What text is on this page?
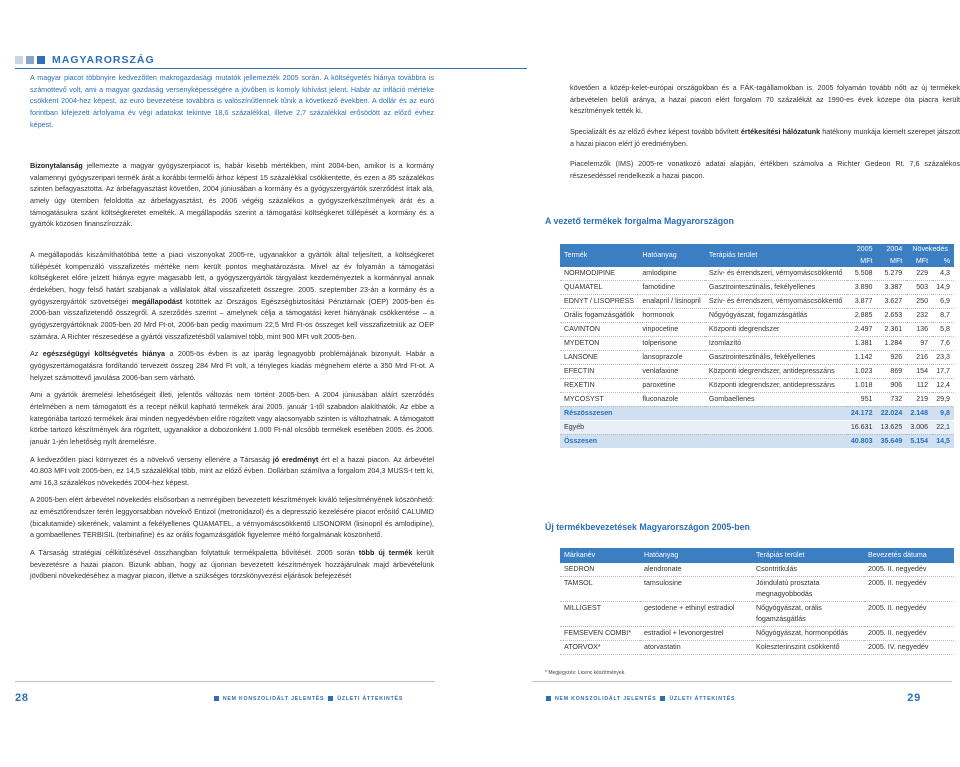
MAGYARORSZÁG

A magyar piacot többnyire kedvezőtlen makrogazdasági mutatók jellemezték 2005 során. A költségvetés hiánya továbbra is számottevő volt, ami a magyar gazdaság versenyképességére a jövőben is komoly kihívást jelent. Habár az infláció mértéke csökkent 2004-hez képest, az euró bevezetése továbbra is valószínűtlennek tűnik a következő években. A dollár és az euró forintban kifejezett árfolyama év végi adatokat tekintve 18,6 százalékkal, illetve 2,7 százalékkal erősödött az előző évhez képest.

Bizonytalanság jellemezte a magyar gyógyszerpiacot is, habár kisebb mértékben, mint 2004-ben, amikor is a kormány valamennyi gyógyszeripari termék árát a korábbi termelői árhoz képest 15 százalékkal csökkentette, és ezen a 85 százalékos szinten befagyasztotta. Az árbefagyasztást követően, 2004 júniusában a kormány és a gyógyszergyártók szerződést írtak alá, amely úgy ütemben feloldotta az árbefagyasztást, és 2006 végéig százalékos a gyógyszerkészítmények árát és a támogatásukra szánt költségkeretet emelték. A megállapodás szerint a támogatási költségkeret túllépését a kormány és a gyártók közösen finanszírozzák.

A megállapodás kiszámíthatóbbá tette a piaci viszonyokat 2005-re, ugyanakkor a gyártók által teljesített, a költségkeret túllépését kompenzáló visszafizetés mértéke nem került pontos meghatározásra. Mivel az év folyamán a támogatási költségkeret előre jelzett hiánya egyre magasabb lett, a gyógyszergyártók tárgyalást kezdeményeztek a kormánnyal annak érdekében, hogy felső határt szabjanak a vállalatok által visszafizetett összegre. 2005. szeptember 23-án a kormány és a gyógyszergyártók szövetségei megállapodást kötöttek az Országos Egészségbiztosítási Pénztárnak (OEP) 2005-ben és 2006-ban visszafizetendő összegről. A szerződés szerint – amelynek célja a támogatási keret hiányának csökkentése – a gyógyszergyártóknak 2005-ben 20 Mrd Ft-ot, 2006-ban pedig maximum 22,5 Mrd Ft-os összeget kell visszafizetniük az OEP számára. A Richter részesedése a gyártói visszafizetésből valamivel több, mint 900 MFt volt 2005-ben.

Az egészségügyi költségvetés hiánya a 2005-ös évben is az iparág legnagyobb problémájának bizonyult. Habár a gyógyszertámogatásra fordítandó tervezett összeg 284 Mrd Ft volt, a tényleges kiadás mégnehem elérte a 350 Mrd Ft-ot. A helyzet számottevő javulása 2006-ban sem várható.

Ami a gyártók áremelési lehetőségeit illeti, jelentős változás nem történt 2005-ben. A 2004 júniusában aláírt szerződés értelmében a nem támogatott és a recept nélkül kapható termékek árai 2005. január 1-től szabadon alakíthatók. Az ebbe a kategóriába tartozó termékek árai minden negyedévben előre rögzített vagy alacsonyabb szinten is változhatnak. A támogatott körbe tartozó készítmények ára rögzített, ugyanakkor a dobozonként 1.000 Ft-nál olcsóbb termékek esetében 2005. és 2006. január 1-jén lehetőség nyílt áremelésre.

A kedvezőtlen piaci környezet és a növekvő verseny ellenére a Társaság jó eredményt ért el a hazai piacon. Az árbevétel 40.803 MFt volt 2005-ben, ez 14,5 százalékkal több, mint az előző évben. Dollárban számítva a forgalom 204,3 MUSS-t tett ki, ami 16,3 százalékos növekedés 2004-hez képest.

A 2005-ben elért árbevétel növekedés elsősorban a nemrégiben bevezetett készítmények kiváló teljesítményének köszönhető: az emésztőrendszer terén leggyorsabban növekvő Entizol (metronidazol) és a depresszió kezelésére piacot erősítő CALUMID (bicalutamide) sikerének, valamint a fekélyellenes QUAMATEL, a vérnyomáscsökkentő LISONORM (lisinopril és amlodipine), a gombaellenes TERBISIL (terbinafine) és az orális fogamzásgátlók figyelemre méltó forgalmának köszönhető.

A Társaság stratégiai célkitűzésével összhangban folytattuk termékpaletta bővítését. 2005 során több új termék került bevezetésre a hazai piacon. Bizunk abban, hogy az újonnan bevezetett készítmények hozzájárulnak majd árbevételünk jövőbeni növekedéséhez a magyar piacon, illetve a szükséges törzskönyvezési eljárások befejezését

követően a közép-kelet-európai országokban és a FÁK-tagállamokban is. 2005 folyamán tovább nőtt az új termékek árbevételen belüli aránya, a hazai piacon elért forgalom 70 százalékát az 1990-es évek közepe óta piacra került készítmények tették ki.

Specializált és az előző évhez képest tovább bővített értékesítési hálózatunk hatékony munkája kiemelt szerepet játszott a hazai piacon elért jó eredményben.

Piacelemzők (IMS) 2005-re vonatkozó adatai alapján, értékben számolva a Richter Gedeon Rt. 7,6 százalékos részesedéssel rendelkezik a hazai piacon.

A vezető termékek forgalma Magyarországon
Termék	Hatóanyag	Terápiás terület	2005	2004	Növekedés	
			MFt	MFt	MFt	%
NORMODIPINE	amlodipine	Szív- és érrendszeri, vérnyomáscsökkentő	5.508	5.279	229	4,3
QUAMATEL	famotidine	Gasztrointesztinális, fekélyellenes	3.890	3.387	503	14,9
EDNYT / LISOPRESS	enalapril / lisinopril	Szív- és érrendszeri, vérnyomáscsökkentő	3.877	3.627	250	6,9
Orális fogamzásgátlók	hormonok	Nőgyógyászat, fogamzásgátlás	2.885	2.653	232	8,7
CAVINTON	vinpocetine	Központi idegrendszer	2.497	2.361	136	5,8
MYDETON	tolperisone	Izomlazító	1.381	1.284	97	7,6
LANSONE	lansoprazole	Gasztrointesztinális, fekélyellenes	1.142	926	216	23,3
EFECTIN	venlafaxine	Központi idegrendszer, antidepresszáns	1.023	869	154	17,7
REXETIN	paroxetine	Központi idegrendszer, antidepresszáns	1.018	906	112	12,4
MYCOSYST	fluconazole	Gombaellenes	951	732	219	29,9
Részösszesen			24.172	22.024	2.148	9,8
Egyéb			16.631	13.625	3.006	22,1
Összesen			40.803	35.649	5.154	14,5
Új termékbevezetések Magyarországon 2005-ben
Márkanév	Hatóanyag	Terápiás terület	Bevezetés dátuma
SEDRON	alendronate	Csontritkulás	2005. II. negyedév
TAMSOL	tamsulosine	Jóindulatú prosztata megnagyobbodás	2005. II. negyedév
MILLIGEST	gestodene + ethinyl estradiol	Nőgyógyászat, orális fogamzásgátlás	2005. II. negyedév
FEMSEVEN COMBI*	estradiol + levonorgestrel	Nőgyógyászat, hormonpótlás	2005. II. negyedév
ATORVOX*	atorvastatin	Koleszterinszint csökkentő	2005. IV. negyedév
* Megjegyzés: Licenc készítmények.
28	NEM KONSZOLIDÁLT JELENTÉS	ÜZLETI ÁTTEKINTÉS	NEM KONSZOLIDÁLT JELENTÉS	ÜZLETI ÁTTEKINTÉS	29
